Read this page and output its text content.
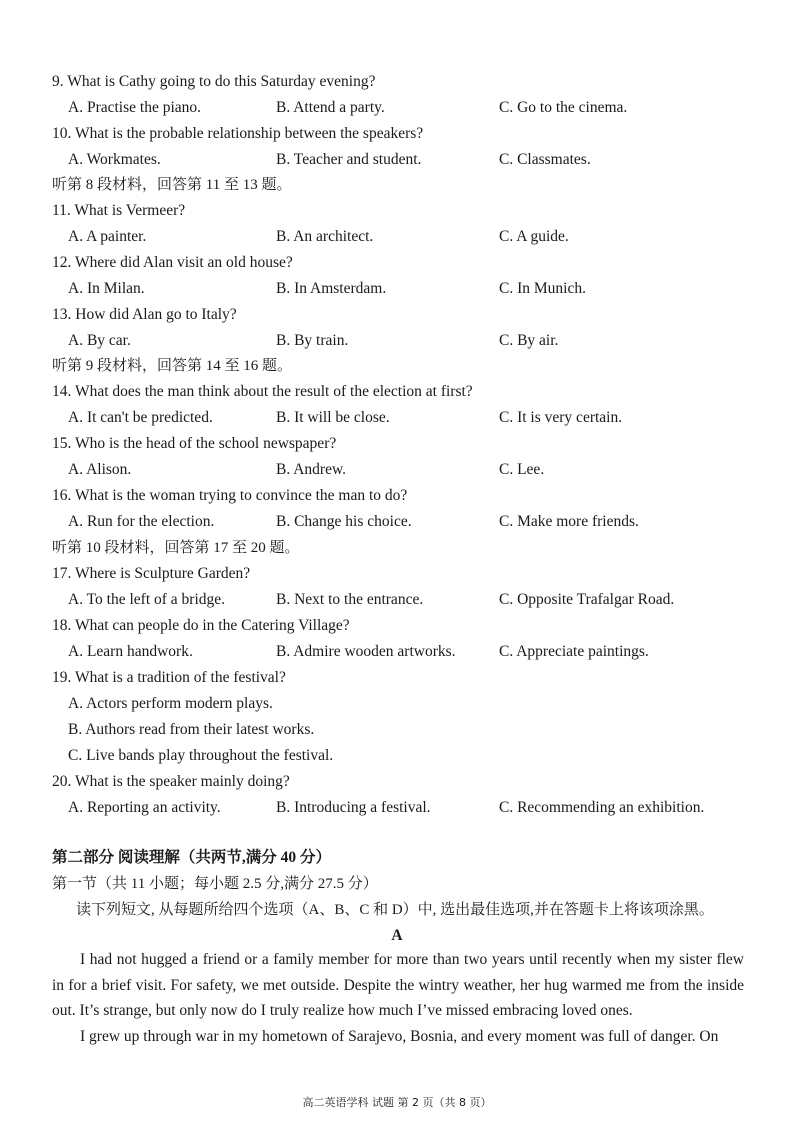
9. What is Cathy going to do this Saturday evening?
A. Practise the piano.	B. Attend a party.	C. Go to the cinema.
10. What is the probable relationship between the speakers?
A. Workmates.	B. Teacher and student.	C. Classmates.
听第 8 段材料，回答第 11 至 13 题。
11. What is Vermeer?
A. A painter.	B. An architect.	C. A guide.
12. Where did Alan visit an old house?
A. In Milan.	B. In Amsterdam.	C. In Munich.
13. How did Alan go to Italy?
A. By car.	B. By train.	C. By air.
听第 9 段材料，回答第 14 至 16 题。
14. What does the man think about the result of the election at first?
A. It can't be predicted.	B. It will be close.	C. It is very certain.
15. Who is the head of the school newspaper?
A. Alison.	B. Andrew.	C. Lee.
16. What is the woman trying to convince the man to do?
A. Run for the election.	B. Change his choice.	C. Make more friends.
听第 10 段材料，回答第 17 至 20 题。
17. Where is Sculpture Garden?
A. To the left of a bridge.	B. Next to the entrance.	C. Opposite Trafalgar Road.
18. What can people do in the Catering Village?
A. Learn handwork.	B. Admire wooden artworks.	C. Appreciate paintings.
19. What is a tradition of the festival?
A. Actors perform modern plays.
B. Authors read from their latest works.
C. Live bands play throughout the festival.
20. What is the speaker mainly doing?
A. Reporting an activity.	B. Introducing a festival.	C. Recommending an exhibition.
第二部分 阅读理解（共两节,满分 40 分）
第一节（共 11 小题；每小题 2.5 分,满分 27.5 分）
读下列短文, 从每题所给四个选项（A、B、C 和 D）中, 选出最佳选项,并在答题卡上将该项涂黑。
A

I had not hugged a friend or a family member for more than two years until recently when my sister flew in for a brief visit. For safety, we met outside. Despite the wintry weather, her hug warmed me from the inside out. It’s strange, but only now do I truly realize how much I’ve missed embracing loved ones.

I grew up through war in my hometown of Sarajevo, Bosnia, and every moment was full of danger. On

高二英语学科 试题 第 2 页（共 8 页）
